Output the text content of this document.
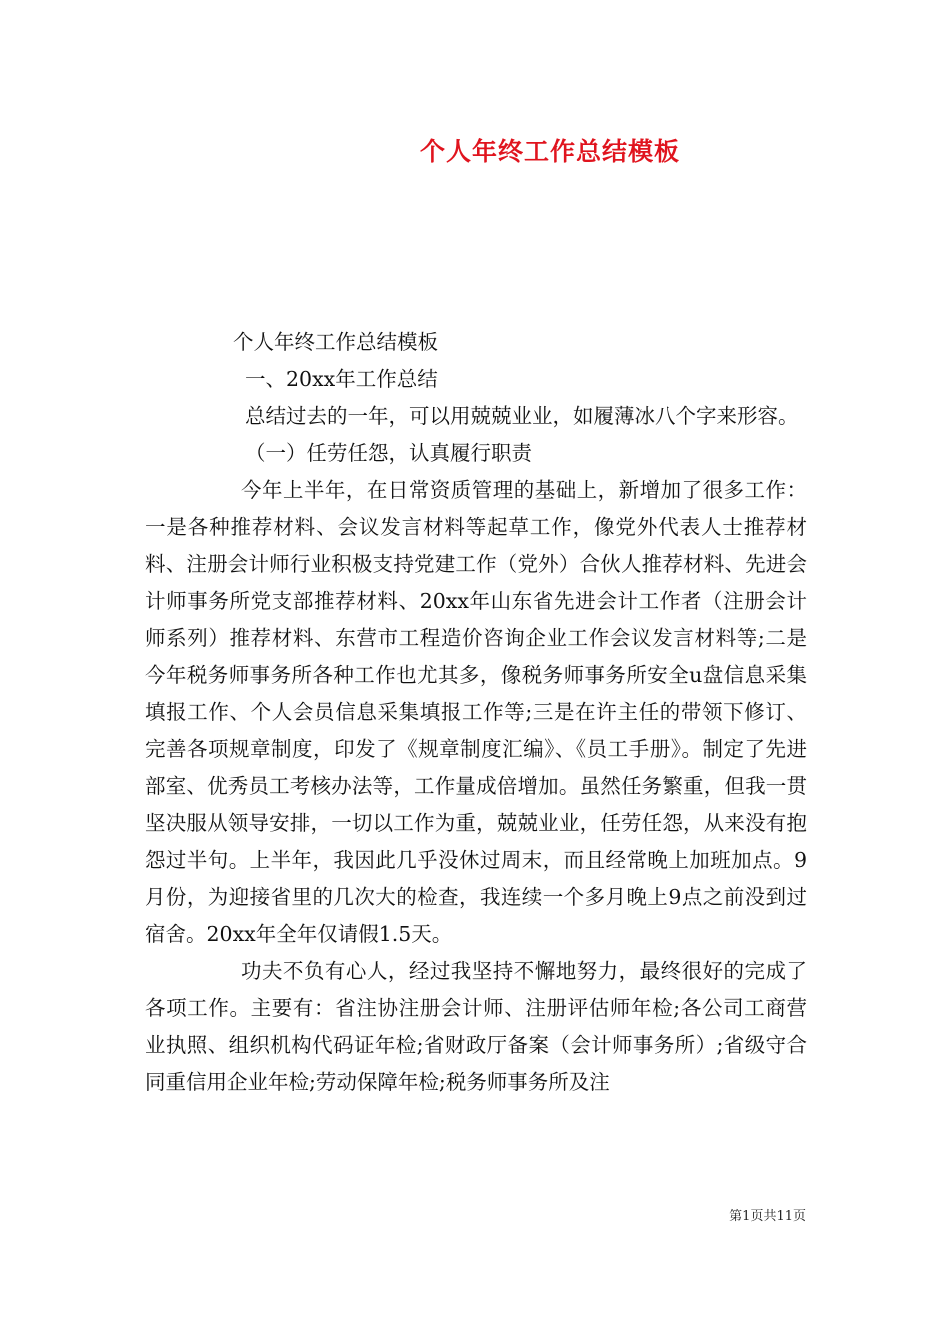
个人年终工作总结模板

个人年终工作总结模板

一、20xx年工作总结

总结过去的一年，可以用兢兢业业，如履薄冰八个字来形容。

（一）任劳任怨，认真履行职责

今年上半年，在日常资质管理的基础上，新增加了很多工作：一是各种推荐材料、会议发言材料等起草工作，像党外代表人士推荐材料、注册会计师行业积极支持党建工作（党外）合伙人推荐材料、先进会计师事务所党支部推荐材料、20xx年山东省先进会计工作者（注册会计师系列）推荐材料、东营市工程造价咨询企业工作会议发言材料等;二是今年税务师事务所各种工作也尤其多，像税务师事务所安全u盘信息采集填报工作、个人会员信息采集填报工作等;三是在许主任的带领下修订、完善各项规章制度，印发了《规章制度汇编》、《员工手册》。制定了先进部室、优秀员工考核办法等，工作量成倍增加。虽然任务繁重，但我一贯坚决服从领导安排，一切以工作为重，兢兢业业，任劳任怨，从来没有抱怨过半句。上半年，我因此几乎没休过周末，而且经常晚上加班加点。9月份，为迎接省里的几次大的检查，我连续一个多月晚上9点之前没到过宿舍。20xx年全年仅请假1.5天。

功夫不负有心人，经过我坚持不懈地努力，最终很好的完成了各项工作。主要有：省注协注册会计师、注册评估师年检;各公司工商营业执照、组织机构代码证年检;省财政厅备案（会计师事务所）;省级守合同重信用企业年检;劳动保障年检;税务师事务所及注

第1页共11页
